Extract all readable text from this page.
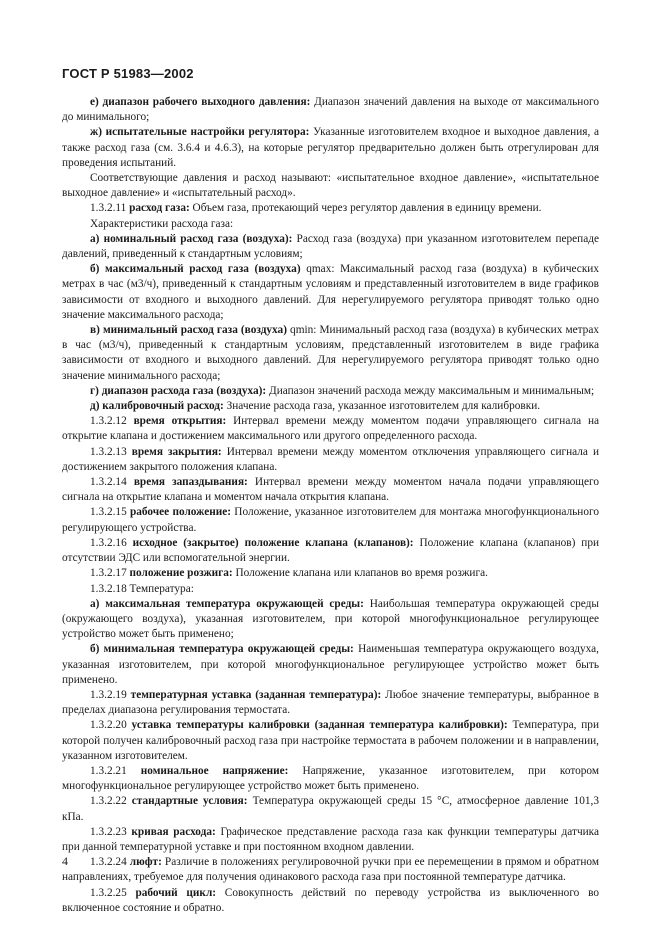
ГОСТ Р 51983—2002

е) диапазон рабочего выходного давления: Диапазон значений давления на выходе от максимального до минимального;

ж) испытательные настройки регулятора: Указанные изготовителем входное и выходное давления, а также расход газа (см. 3.6.4 и 4.6.3), на которые регулятор предварительно должен быть отрегулирован для проведения испытаний.

Соответствующие давления и расход называют: «испытательное входное давление», «испытательное выходное давление» и «испытательный расход».

1.3.2.11 расход газа: Объем газа, протекающий через регулятор давления в единицу времени.

Характеристики расхода газа:

а) номинальный расход газа (воздуха): Расход газа (воздуха) при указанном изготовителем перепаде давлений, приведенный к стандартным условиям;

б) максимальный расход газа (воздуха) qmax: Максимальный расход газа (воздуха) в кубических метрах в час (м3/ч), приведенный к стандартным условиям и представленный изготовителем в виде графиков зависимости от входного и выходного давлений. Для нерегулируемого регулятора приводят только одно значение максимального расхода;

в) минимальный расход газа (воздуха) qmin: Минимальный расход газа (воздуха) в кубических метрах в час (м3/ч), приведенный к стандартным условиям, представленный изготовителем в виде графика зависимости от входного и выходного давлений. Для нерегулируемого регулятора приводят только одно значение минимального расхода;

г) диапазон расхода газа (воздуха): Диапазон значений расхода между максимальным и минимальным;

д) калибровочный расход: Значение расхода газа, указанное изготовителем для калибровки.

1.3.2.12 время открытия: Интервал времени между моментом подачи управляющего сигнала на открытие клапана и достижением максимального или другого определенного расхода.

1.3.2.13 время закрытия: Интервал времени между моментом отключения управляющего сигнала и достижением закрытого положения клапана.

1.3.2.14 время запаздывания: Интервал времени между моментом начала подачи управляющего сигнала на открытие клапана и моментом начала открытия клапана.

1.3.2.15 рабочее положение: Положение, указанное изготовителем для монтажа многофункционального регулирующего устройства.

1.3.2.16 исходное (закрытое) положение клапана (клапанов): Положение клапана (клапанов) при отсутствии ЭДС или вспомогательной энергии.

1.3.2.17 положение розжига: Положение клапана или клапанов во время розжига.

1.3.2.18 Температура:

а) максимальная температура окружающей среды: Наибольшая температура окружающей среды (окружающего воздуха), указанная изготовителем, при которой многофункциональное регулирующее устройство может быть применено;

б) минимальная температура окружающей среды: Наименьшая температура окружающего воздуха, указанная изготовителем, при которой многофункциональное регулирующее устройство может быть применено.

1.3.2.19 температурная уставка (заданная температура): Любое значение температуры, выбранное в пределах диапазона регулирования термостата.

1.3.2.20 уставка температуры калибровки (заданная температура калибровки): Температура, при которой получен калибровочный расход газа при настройке термостата в рабочем положении и в направлении, указанном изготовителем.

1.3.2.21 номинальное напряжение: Напряжение, указанное изготовителем, при котором многофункциональное регулирующее устройство может быть применено.

1.3.2.22 стандартные условия: Температура окружающей среды 15 °С, атмосферное давление 101,3 кПа.

1.3.2.23 кривая расхода: Графическое представление расхода газа как функции температуры датчика при данной температурной уставке и при постоянном входном давлении.

1.3.2.24 люфт: Различие в положениях регулировочной ручки при ее перемещении в прямом и обратном направлениях, требуемое для получения одинакового расхода газа при постоянной температуре датчика.

1.3.2.25 рабочий цикл: Совокупность действий по переводу устройства из выключенного во включенное состояние и обратно.

4
